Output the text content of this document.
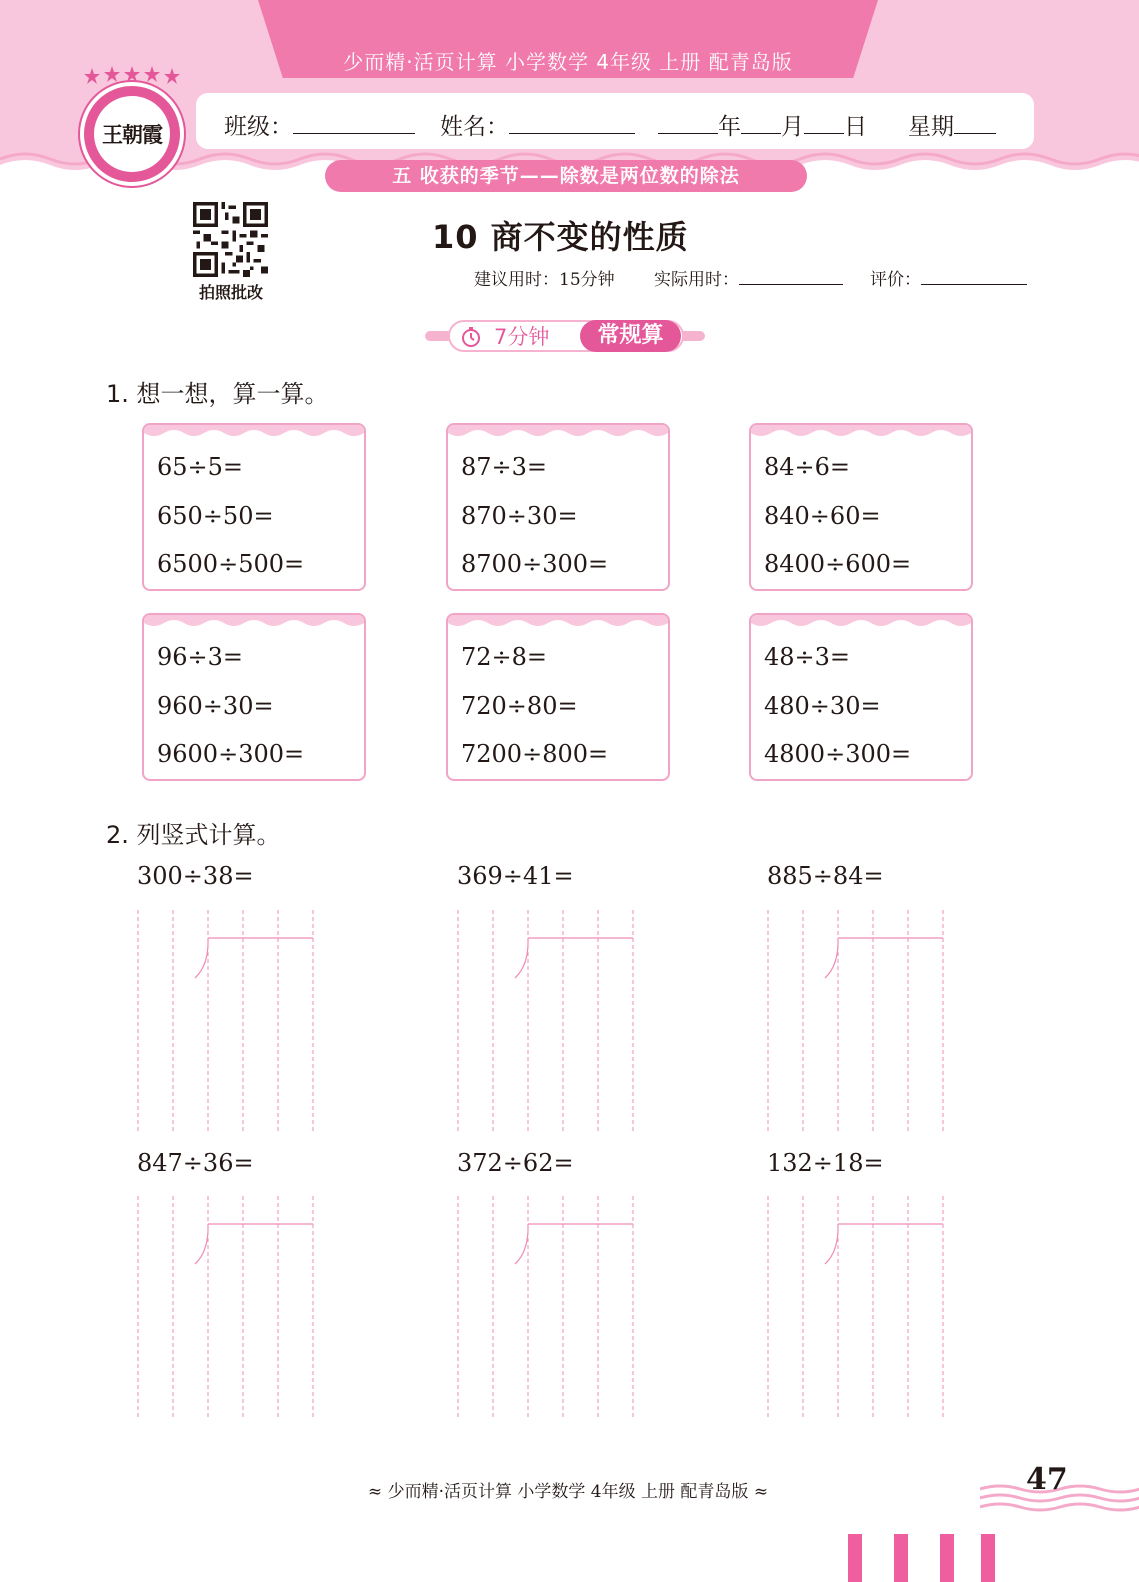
少而精·活页计算 小学数学 4年级 上册 配青岛版
班级：	姓名：	年 月 日 星期
五 收获的季节——除数是两位数的除法
王朝霞
拍照批改
10 商不变的性质
建议用时：15分钟 实际用时：	评价：
7分钟	常规算
1. 想一想，算一算。
65÷5=
650÷50=
6500÷500=
87÷3=
870÷30=
8700÷300=
84÷6=
840÷60=
8400÷600=
96÷3=
960÷30=
9600÷300=
72÷8=
720÷80=
7200÷800=
48÷3=
480÷30=
4800÷300=
2. 列竖式计算。
300÷38=	369÷41=	885÷84=
847÷36=	372÷62=	132÷18=
≈ 少而精·活页计算 小学数学 4年级 上册 配青岛版 ≈	47
